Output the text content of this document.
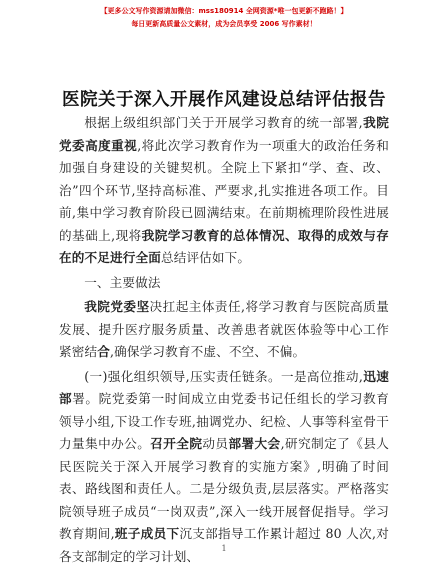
【更多公文写作资源请加微信：mss180914 全网资源*唯一包更新不跑路！】
每日更新高质量公文素材，成为会员享受 2006 写作素材！
医院关于深入开展作风建设总结评估报告

根据上级组织部门关于开展学习教育的统一部署,我院党委高度重视,将此次学习教育作为一项重大的政治任务和加强自身建设的关键契机。全院上下紧扣“学、查、改、治”四个环节,坚持高标准、严要求,扎实推进各项工作。目前,集中学习教育阶段已圆满结束。在前期梳理阶段性进展的基础上,现将我院学习教育的总体情况、取得的成效与存在的不足进行全面总结评估如下。

一、主要做法

我院党委坚决扛起主体责任,将学习教育与医院高质量发展、提升医疗服务质量、改善患者就医体验等中心工作紧密结合,确保学习教育不虚、不空、不偏。

(一)强化组织领导,压实责任链条。一是高位推动,迅速部署。院党委第一时间成立由党委书记任组长的学习教育领导小组,下设工作专班,抽调党办、纪检、人事等科室骨干力量集中办公。召开全院动员部署大会,研究制定了《县人民医院关于深入开展学习教育的实施方案》,明确了时间表、路线图和责任人。二是分级负责,层层落实。严格落实院领导班子成员“一岗双责”,深入一线开展督促指导。学习教育期间,班子成员下沉支部指导工作累计超过 80 人次,对各支部制定的学习计划、	1
